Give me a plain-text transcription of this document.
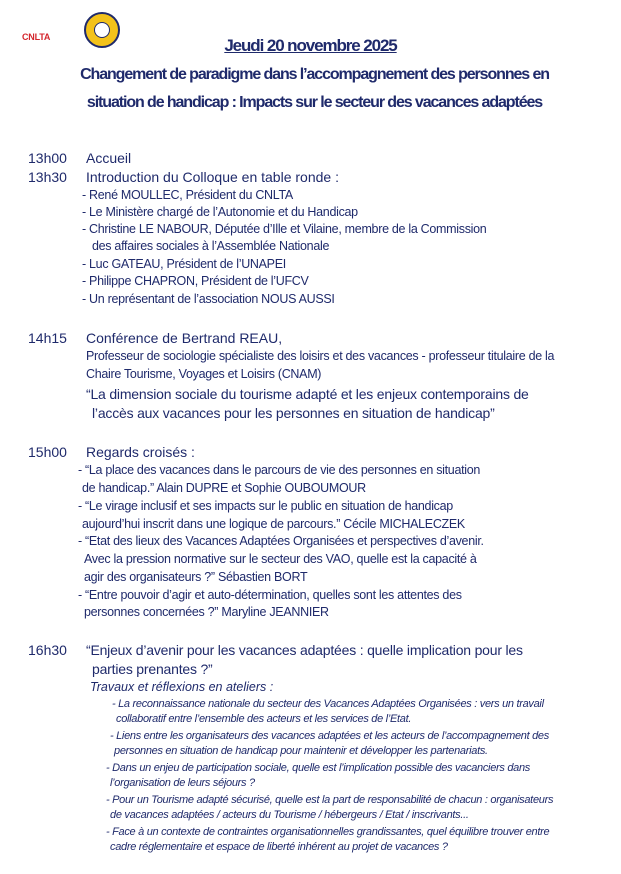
CNLTA	Jeudi 20 novembre 2025
Changement de paradigme dans l’accompagnement des personnes en
situation de handicap : Impacts sur le secteur des vacances adaptées
13h00 Accueil
13h30 Introduction du Colloque en table ronde :
- René MOULLEC, Président du CNLTA
- Le Ministère chargé de l’Autonomie et du Handicap
- Christine LE NABOUR, Députée d’Ille et Vilaine, membre de la Commission
des affaires sociales à l’Assemblée Nationale
- Luc GATEAU, Président de l’UNAPEI
- Philippe CHAPRON, Président de l’UFCV
- Un représentant de l’association NOUS AUSSI
14h15 Conférence de Bertrand REAU,
Professeur de sociologie spécialiste des loisirs et des vacances - professeur titulaire de la
Chaire Tourisme, Voyages et Loisirs (CNAM)
“La dimension sociale du tourisme adapté et les enjeux contemporains de
l’accès aux vacances pour les personnes en situation de handicap”
15h00 Regards croisés :
- “La place des vacances dans le parcours de vie des personnes en situation
de handicap.” Alain DUPRE et Sophie OUBOUMOUR
- “Le virage inclusif et ses impacts sur le public en situation de handicap
aujourd’hui inscrit dans une logique de parcours.” Cécile MICHALECZEK
- “Etat des lieux des Vacances Adaptées Organisées et perspectives d’avenir.
Avec la pression normative sur le secteur des VAO, quelle est la capacité à
agir des organisateurs ?” Sébastien BORT
- “Entre pouvoir d’agir et auto-détermination, quelles sont les attentes des
personnes concernées ?” Maryline JEANNIER
16h30 “Enjeux d’avenir pour les vacances adaptées : quelle implication pour les
parties prenantes ?”
Travaux et réflexions en ateliers :
- La reconnaissance nationale du secteur des Vacances Adaptées Organisées : vers un travail
collaboratif entre l’ensemble des acteurs et les services de l’Etat.
- Liens entre les organisateurs des vacances adaptées et les acteurs de l’accompagnement des
personnes en situation de handicap pour maintenir et développer les partenariats.
- Dans un enjeu de participation sociale, quelle est l’implication possible des vacanciers dans
l’organisation de leurs séjours ?
- Pour un Tourisme adapté sécurisé, quelle est la part de responsabilité de chacun : organisateurs
de vacances adaptées / acteurs du Tourisme / hébergeurs / Etat / inscrivants...
- Face à un contexte de contraintes organisationnelles grandissantes, quel équilibre trouver entre
cadre réglementaire et espace de liberté inhérent au projet de vacances ?
